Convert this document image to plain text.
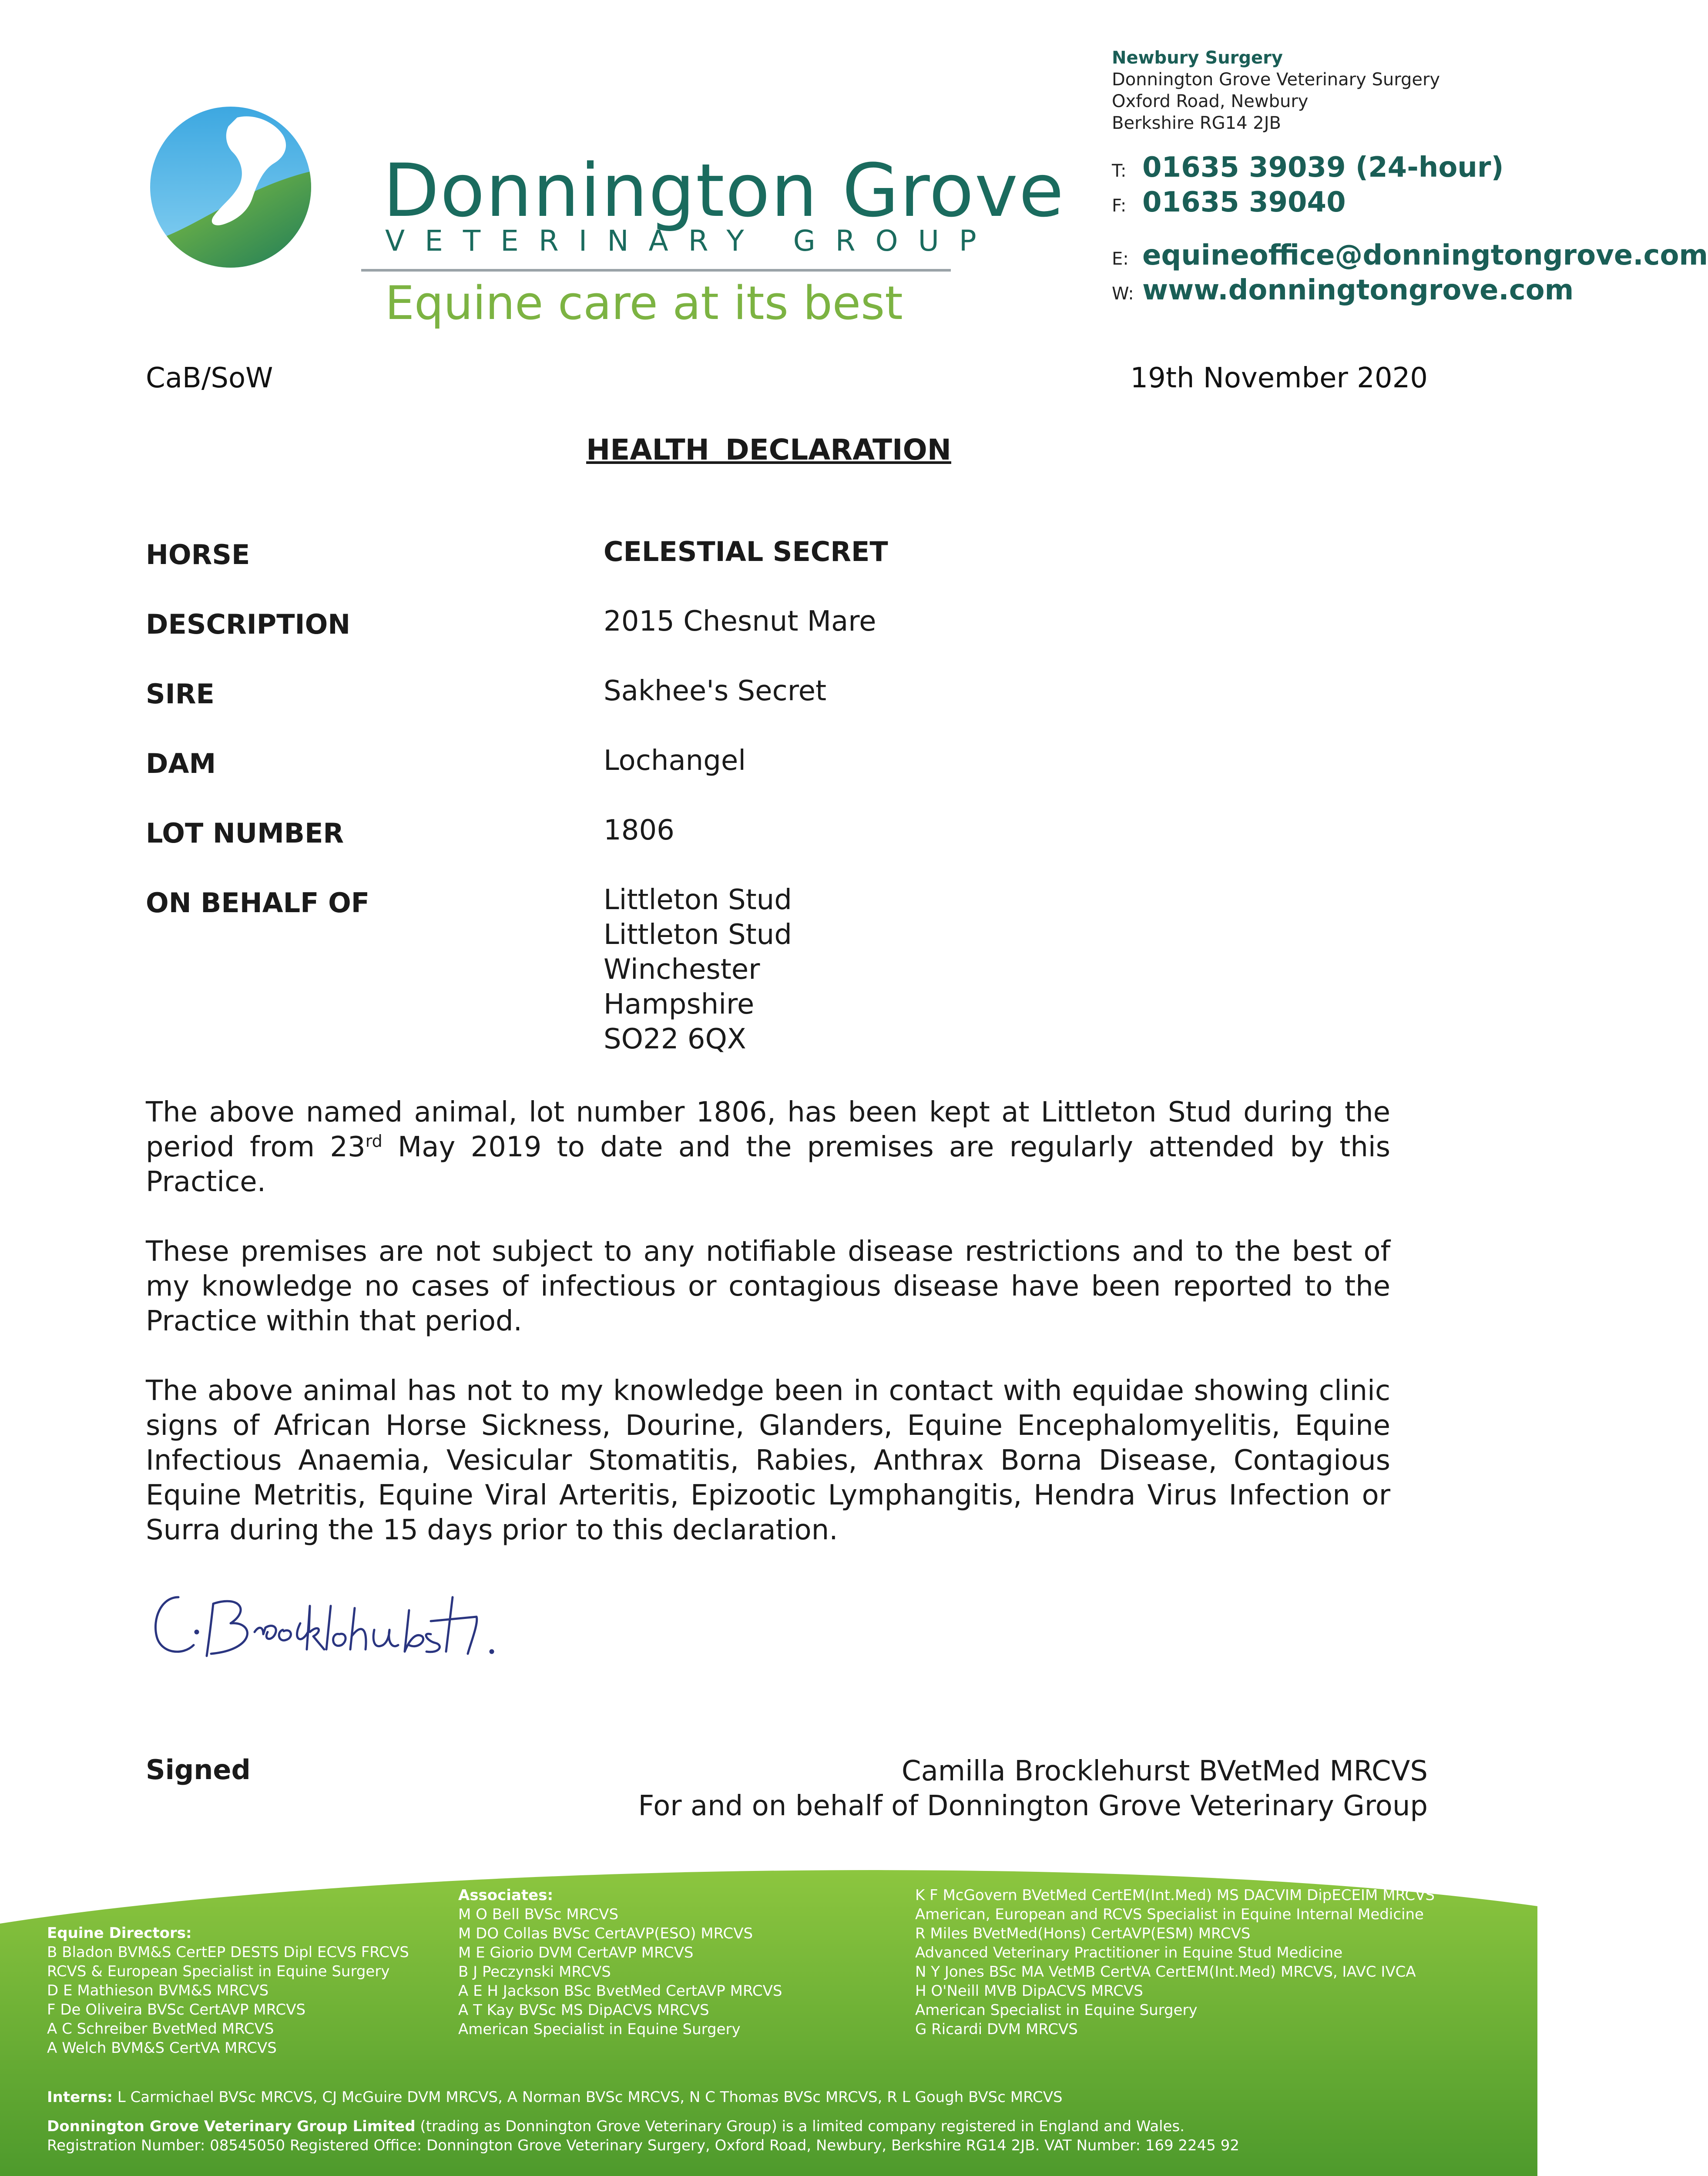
Donnington Grove
VETERINARY GROUP
Equine care at its best
Newbury Surgery
Donnington Grove Veterinary Surgery
Oxford Road, Newbury
Berkshire RG14 2JB
T: 01635 39039 (24-hour)
F: 01635 39040
E: equineoffice@donningtongrove.com
W: www.donningtongrove.com
CaB/SoW	19th November 2020
HEALTH DECLARATION
HORSE	CELESTIAL SECRET
DESCRIPTION	2015 Chesnut Mare
SIRE	Sakhee's Secret
DAM	Lochangel
LOT NUMBER	1806
ON BEHALF OF	Littleton Stud
Littleton Stud
Winchester
Hampshire
SO22 6QX
The above named animal, lot number 1806, has been kept at Littleton Stud during the period from 23rd May 2019 to date and the premises are regularly attended by this Practice.
These premises are not subject to any notifiable disease restrictions and to the best of my knowledge no cases of infectious or contagious disease have been reported to the Practice within that period.
The above animal has not to my knowledge been in contact with equidae showing clinic signs of African Horse Sickness, Dourine, Glanders, Equine Encephalomyelitis, Equine Infectious Anaemia, Vesicular Stomatitis, Rabies, Anthrax Borna Disease, Contagious Equine Metritis, Equine Viral Arteritis, Epizootic Lymphangitis, Hendra Virus Infection or Surra during the 15 days prior to this declaration.
Signed	Camilla Brocklehurst BVetMed MRCVS
For and on behalf of Donnington Grove Veterinary Group
Equine Directors:
B Bladon BVM&S CertEP DESTS Dipl ECVS FRCVS
RCVS & European Specialist in Equine Surgery
D E Mathieson BVM&S MRCVS
F De Oliveira BVSc CertAVP MRCVS
A C Schreiber BvetMed MRCVS
A Welch BVM&S CertVA MRCVS
Associates:
M O Bell BVSc MRCVS
M DO Collas BVSc CertAVP(ESO) MRCVS
M E Giorio DVM CertAVP MRCVS
B J Peczynski MRCVS
A E H Jackson BSc BvetMed CertAVP MRCVS
A T Kay BVSc MS DipACVS MRCVS
American Specialist in Equine Surgery
K F McGovern BVetMed CertEM(Int.Med) MS DACVIM DipECEIM MRCVS
American, European and RCVS Specialist in Equine Internal Medicine
R Miles BVetMed(Hons) CertAVP(ESM) MRCVS
Advanced Veterinary Practitioner in Equine Stud Medicine
N Y Jones BSc MA VetMB CertVA CertEM(Int.Med) MRCVS, IAVC IVCA
H O'Neill MVB DipACVS MRCVS
American Specialist in Equine Surgery
G Ricardi DVM MRCVS
Interns: L Carmichael BVSc MRCVS, CJ McGuire DVM MRCVS, A Norman BVSc MRCVS, N C Thomas BVSc MRCVS, R L Gough BVSc MRCVS
Donnington Grove Veterinary Group Limited (trading as Donnington Grove Veterinary Group) is a limited company registered in England and Wales.
Registration Number: 08545050 Registered Office: Donnington Grove Veterinary Surgery, Oxford Road, Newbury, Berkshire RG14 2JB. VAT Number: 169 2245 92
